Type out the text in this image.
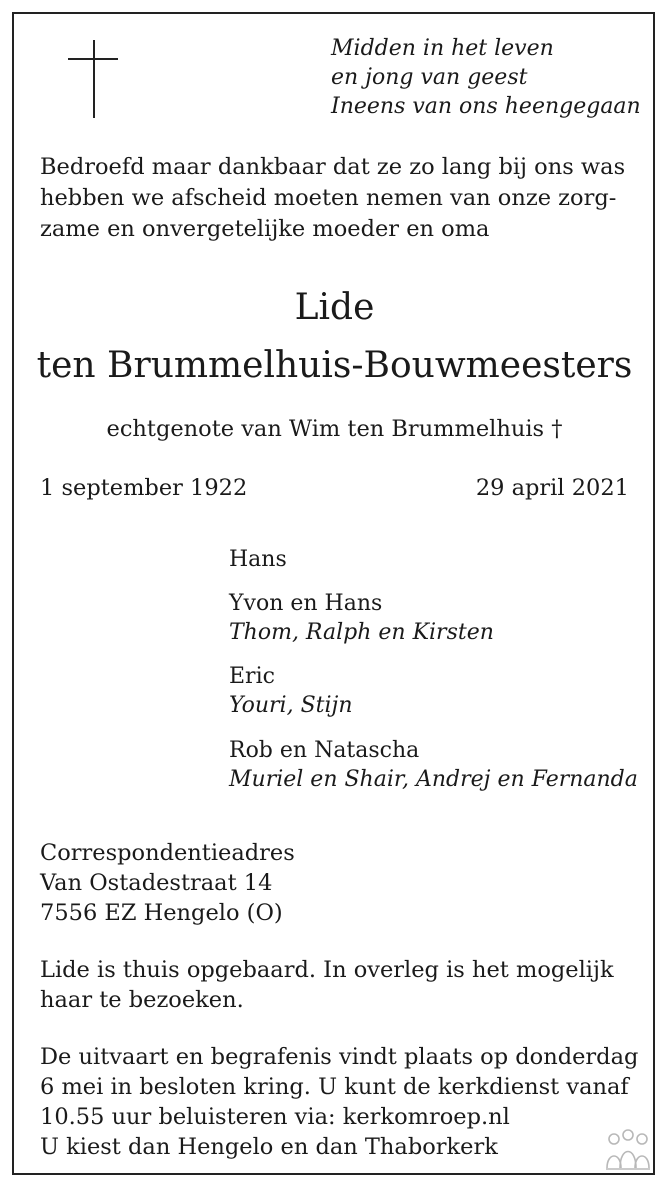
Midden in het leven
en jong van geest
Ineens van ons heengegaan
Bedroefd maar dankbaar dat ze zo lang bij ons was
hebben we afscheid moeten nemen van onze zorg-
zame en onvergetelijke moeder en oma
Lide
ten Brummelhuis-Bouwmeesters
echtgenote van Wim ten Brummelhuis †
1 september 1922	29 april 2021
Hans
Yvon en Hans
Thom, Ralph en Kirsten
Eric
Youri, Stijn
Rob en Natascha
Muriel en Shair, Andrej en Fernanda
Correspondentieadres
Van Ostadestraat 14
7556 EZ Hengelo (O)
Lide is thuis opgebaard. In overleg is het mogelijk
haar te bezoeken.
De uitvaart en begrafenis vindt plaats op donderdag
6 mei in besloten kring. U kunt de kerkdienst vanaf
10.55 uur beluisteren via: kerkomroep.nl
U kiest dan Hengelo en dan Thaborkerk
